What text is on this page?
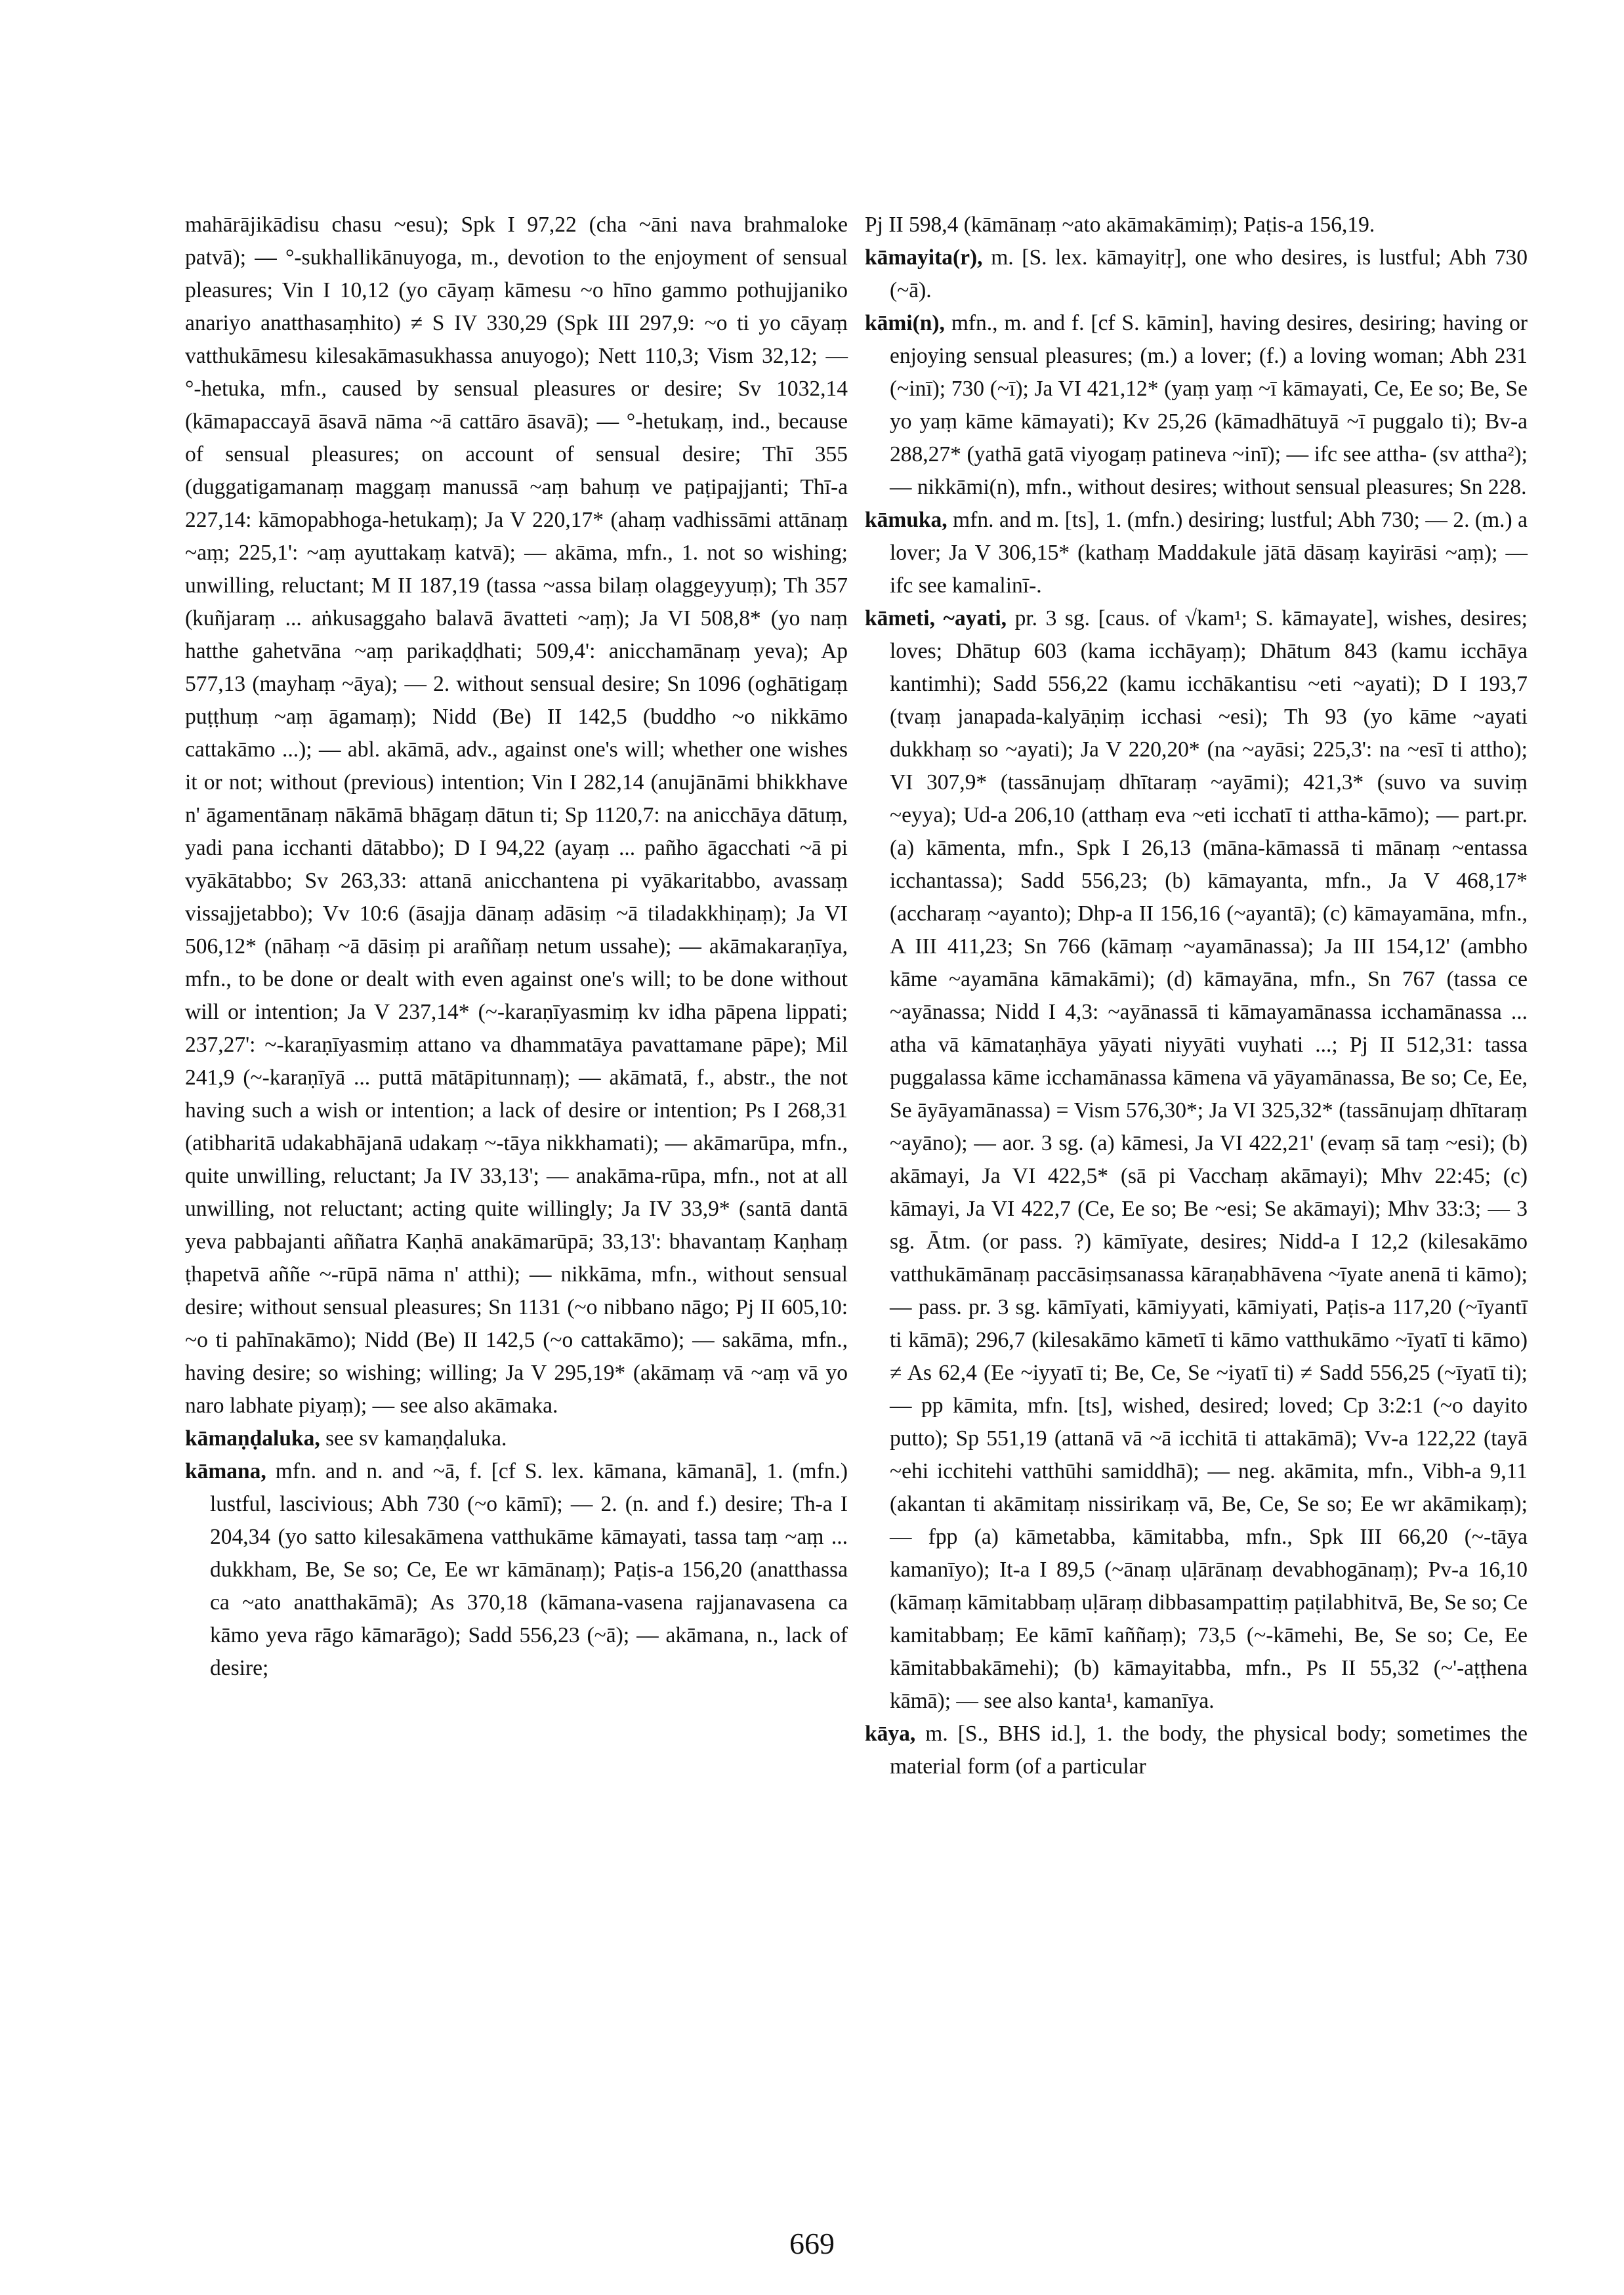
mahārājikādisu chasu ~esu); Spk I 97,22 (cha ~āni nava brahmaloke patvā); — °-sukhallikānuyoga, m., devotion to the enjoyment of sensual pleasures; Vin I 10,12 (yo cāyaṃ kāmesu ~o hīno gammo pothujjaniko anariyo anatthasaṃhito) ≠ S IV 330,29 (Spk III 297,9: ~o ti yo cāyaṃ vatthukāmesu kilesakāmasukhassa anuyogo); Nett 110,3; Vism 32,12; — °-hetuka, mfn., caused by sensual pleasures or desire; Sv 1032,14 (kāmapaccayā āsavā nāma ~ā cattāro āsavā); — °-hetukaṃ, ind., because of sensual pleasures; on account of sensual desire; Thī 355 (duggatigamanaṃ maggaṃ manussā ~aṃ bahuṃ ve paṭipajjanti; Thī-a 227,14: kāmopabhoga-hetukaṃ); Ja V 220,17* (ahaṃ vadhissāmi attānaṃ ~aṃ; 225,1': ~aṃ ayuttakaṃ katvā); — akāma, mfn., 1. not so wishing; unwilling, reluctant; M II 187,19 (tassa ~assa bilaṃ olaggeyyuṃ); Th 357 (kuñjaraṃ ... aṅkusaggaho balavā āvatteti ~aṃ); Ja VI 508,8* (yo naṃ hatthe gahetvāna ~aṃ parikaḍḍhati; 509,4': anicchamānaṃ yeva); Ap 577,13 (mayhaṃ ~āya); — 2. without sensual desire; Sn 1096 (oghātigaṃ puṭṭhuṃ ~aṃ āgamaṃ); Nidd (Be) II 142,5 (buddho ~o nikkāmo cattakāmo ...); — abl. akāmā, adv., against one's will; whether one wishes it or not; without (previous) intention; Vin I 282,14 (anujānāmi bhikkhave n' āgamentānaṃ nākāmā bhāgaṃ dātun ti; Sp 1120,7: na anicchāya dātuṃ, yadi pana icchanti dātabbo); D I 94,22 (ayaṃ ... pañho āgacchati ~ā pi vyākātabbo; Sv 263,33: attanā anicchantena pi vyākaritabbo, avassaṃ vissajjetabbo); Vv 10:6 (āsajja dānaṃ adāsiṃ ~ā tiladakkhiṇaṃ); Ja VI 506,12* (nāhaṃ ~ā dāsiṃ pi araññaṃ netum ussahe); — akāmakaraṇīya, mfn., to be done or dealt with even against one's will; to be done without will or intention; Ja V 237,14* (~-karaṇīyasmiṃ kv idha pāpena lippati; 237,27': ~-karaṇīyasmiṃ attano va dhammatāya pavattamane pāpe); Mil 241,9 (~-karaṇīyā ... puttā mātāpitunnaṃ); — akāmatā, f., abstr., the not having such a wish or intention; a lack of desire or intention; Ps I 268,31 (atibharitā udakabhājanā udakaṃ ~-tāya nikkhamati); — akāmarūpa, mfn., quite unwilling, reluctant; Ja IV 33,13'; — anakāma-rūpa, mfn., not at all unwilling, not reluctant; acting quite willingly; Ja IV 33,9* (santā dantā yeva pabbajanti aññatra Kaṇhā anakāmarūpā; 33,13': bhavantaṃ Kaṇhaṃ ṭhapetvā aññe ~-rūpā nāma n' atthi); — nikkāma, mfn., without sensual desire; without sensual pleasures; Sn 1131 (~o nibbano nāgo; Pj II 605,10: ~o ti pahīnakāmo); Nidd (Be) II 142,5 (~o cattakāmo); — sakāma, mfn., having desire; so wishing; willing; Ja V 295,19* (akāmaṃ vā ~aṃ vā yo naro labhate piyaṃ); — see also akāmaka.

kāmaṇḍaluka, see sv kamaṇḍaluka.

kāmana, mfn. and n. and ~ā, f. [cf S. lex. kāmana, kāmanā], 1. (mfn.) lustful, lascivious; Abh 730 (~o kāmī); — 2. (n. and f.) desire; Th-a I 204,34 (yo satto kilesakāmena vatthukāme kāmayati, tassa taṃ ~aṃ ... dukkham, Be, Se so; Ce, Ee wr kāmānaṃ); Paṭis-a 156,20 (anatthassa ca ~ato anatthakāmā); As 370,18 (kāmana-vasena rajjanavasena ca kāmo yeva rāgo kāmarāgo); Sadd 556,23 (~ā); — akāmana, n., lack of desire;

Pj II 598,4 (kāmānaṃ ~ato akāmakāmiṃ); Paṭis-a 156,19.

kāmayita(r), m. [S. lex. kāmayitṛ], one who desires, is lustful; Abh 730 (~ā).

kāmi(n), mfn., m. and f. [cf S. kāmin], having desires, desiring; having or enjoying sensual pleasures; (m.) a lover; (f.) a loving woman; Abh 231 (~inī); 730 (~ī); Ja VI 421,12* (yaṃ yaṃ ~ī kāmayati, Ce, Ee so; Be, Se yo yaṃ kāme kāmayati); Kv 25,26 (kāmadhātuyā ~ī puggalo ti); Bv-a 288,27* (yathā gatā viyogaṃ patineva ~inī); — ifc see attha- (sv attha²); — nikkāmi(n), mfn., without desires; without sensual pleasures; Sn 228.

kāmuka, mfn. and m. [ts], 1. (mfn.) desiring; lustful; Abh 730; — 2. (m.) a lover; Ja V 306,15* (kathaṃ Maddakule jātā dāsaṃ kayirāsi ~aṃ); — ifc see kamalinī-.

kāmeti, ~ayati, pr. 3 sg. [caus. of √kam¹; S. kāmayate], wishes, desires; loves; Dhātup 603 (kama icchāyaṃ); Dhātum 843 (kamu icchāya kantimhi); Sadd 556,22 (kamu icchākantisu ~eti ~ayati); D I 193,7 (tvaṃ janapada-kalyāṇiṃ icchasi ~esi); Th 93 (yo kāme ~ayati dukkhaṃ so ~ayati); Ja V 220,20* (na ~ayāsi; 225,3': na ~esī ti attho); VI 307,9* (tassānujaṃ dhītaraṃ ~ayāmi); 421,3* (suvo va suviṃ ~eyya); Ud-a 206,10 (atthaṃ eva ~eti icchatī ti attha-kāmo); — part.pr. (a) kāmenta, mfn., Spk I 26,13 (māna-kāmassā ti mānaṃ ~entassa icchantassa); Sadd 556,23; (b) kāmayanta, mfn., Ja V 468,17* (accharaṃ ~ayanto); Dhp-a II 156,16 (~ayantā); (c) kāmayamāna, mfn., A III 411,23; Sn 766 (kāmaṃ ~ayamānassa); Ja III 154,12' (ambho kāme ~ayamāna kāmakāmi); (d) kāmayāna, mfn., Sn 767 (tassa ce ~ayānassa; Nidd I 4,3: ~ayānassā ti kāmayamānassa icchamānassa ... atha vā kāmataṇhāya yāyati niyyāti vuyhati ...; Pj II 512,31: tassa puggalassa kāme icchamānassa kāmena vā yāyamānassa, Be so; Ce, Ee, Se āyāyamānassa) = Vism 576,30*; Ja VI 325,32* (tassānujaṃ dhītaraṃ ~ayāno); — aor. 3 sg. (a) kāmesi, Ja VI 422,21' (evaṃ sā taṃ ~esi); (b) akāmayi, Ja VI 422,5* (sā pi Vacchaṃ akāmayi); Mhv 22:45; (c) kāmayi, Ja VI 422,7 (Ce, Ee so; Be ~esi; Se akāmayi); Mhv 33:3; — 3 sg. Ātm. (or pass. ?) kāmīyate, desires; Nidd-a I 12,2 (kilesakāmo vatthukāmānaṃ paccāsiṃsanassa kāraṇabhāvena ~īyate anenā ti kāmo); — pass. pr. 3 sg. kāmīyati, kāmiyyati, kāmiyati, Paṭis-a 117,20 (~īyantī ti kāmā); 296,7 (kilesakāmo kāmetī ti kāmo vatthukāmo ~īyatī ti kāmo) ≠ As 62,4 (Ee ~iyyatī ti; Be, Ce, Se ~iyatī ti) ≠ Sadd 556,25 (~īyatī ti); — pp kāmita, mfn. [ts], wished, desired; loved; Cp 3:2:1 (~o dayito putto); Sp 551,19 (attanā vā ~ā icchitā ti attakāmā); Vv-a 122,22 (tayā ~ehi icchitehi vatthūhi samiddhā); — neg. akāmita, mfn., Vibh-a 9,11 (akantan ti akāmitaṃ nissirikaṃ vā, Be, Ce, Se so; Ee wr akāmikaṃ); — fpp (a) kāmetabba, kāmitabba, mfn., Spk III 66,20 (~-tāya kamanīyo); It-a I 89,5 (~ānaṃ uḷārānaṃ devabhogānaṃ); Pv-a 16,10 (kāmaṃ kāmitabbaṃ uḷāraṃ dibbasampattiṃ paṭilabhitvā, Be, Se so; Ce kamitabbaṃ; Ee kāmī kaññaṃ); 73,5 (~-kāmehi, Be, Se so; Ce, Ee kāmitabbakāmehi); (b) kāmayitabba, mfn., Ps II 55,32 (~'-aṭṭhena kāmā); — see also kanta¹, kamanīya.

kāya, m. [S., BHS id.], 1. the body, the physical body; sometimes the material form (of a particular

669
